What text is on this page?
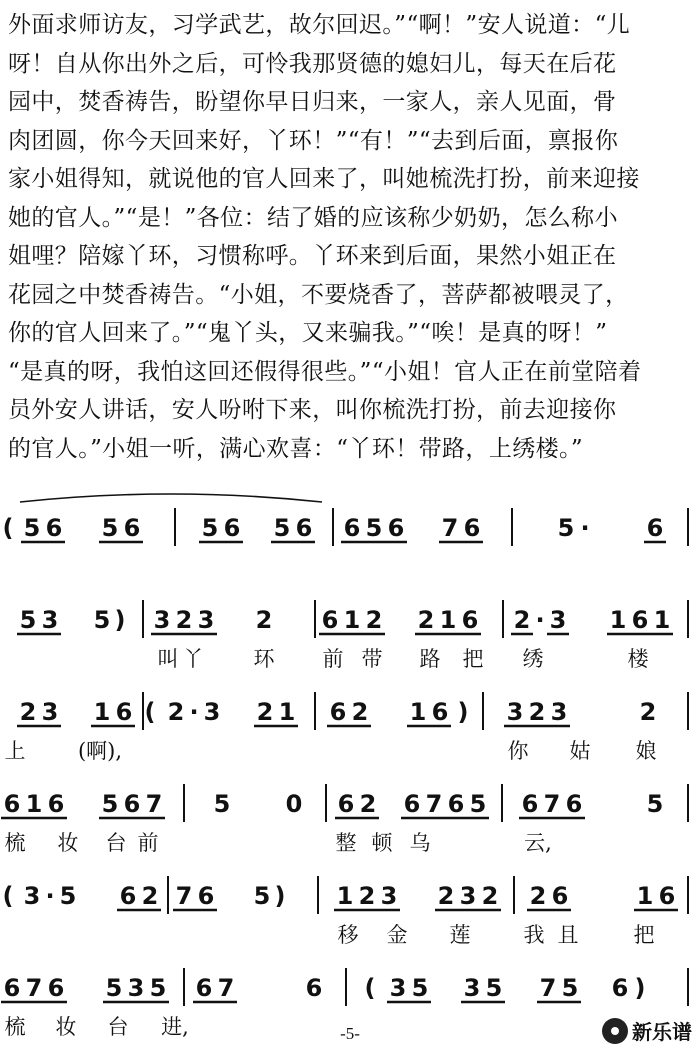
外面求师访友，习学武艺，故尔回迟。”“啊！”安人说道：“儿
呀！自从你出外之后，可怜我那贤德的媳妇儿，每天在后花
园中，焚香祷告，盼望你早日归来，一家人，亲人见面，骨
肉团圆，你今天回来好，丫环！”“有！”“去到后面，禀报你
家小姐得知，就说他的官人回来了，叫她梳洗打扮，前来迎接
她的官人。”“是！”各位：结了婚的应该称少奶奶，怎么称小
姐哩？陪嫁丫环，习惯称呼。丫环来到后面，果然小姐正在
花园之中焚香祷告。“小姐，不要烧香了，菩萨都被喂灵了，
你的官人回来了。”“鬼丫头，又来骗我。”“唉！是真的呀！”
“是真的呀，我怕这回还假得很些。”“小姐！官人正在前堂陪着
员外安人讲话，安人吩咐下来，叫你梳洗打扮，前去迎接你
的官人。”小姐一听，满心欢喜：“丫环！带路，上绣楼。”
( 5 6 5 6	5 6 5 6 6 5 6 7 6	5 · 6
5 3 5 ) 3 2 3 2 6 1 2 2 1 6 2 · 3 1 6 1
叫 丫 环 前 带 路 把 绣	楼
2 3 1 6 ( 2 · 3 2 1 6 2 1 6 ) 3 2 3	2
上 (啊),	你 姑 娘
6 1 6 5 6 7 5 0 6 2 6 7 6 5 6 7 6	5
梳 妆 台 前	整 顿 乌	云,
( 3 · 5 6 2 7 6 5 ) 1 2 3 2 3 2 2 6	1 6
移 金 莲	我 且	把
6 7 6 5 3 5 6 7	6 ( 3 5 3 5 7 5 6 )
梳 妆 台 进,	-5-	新乐谱
